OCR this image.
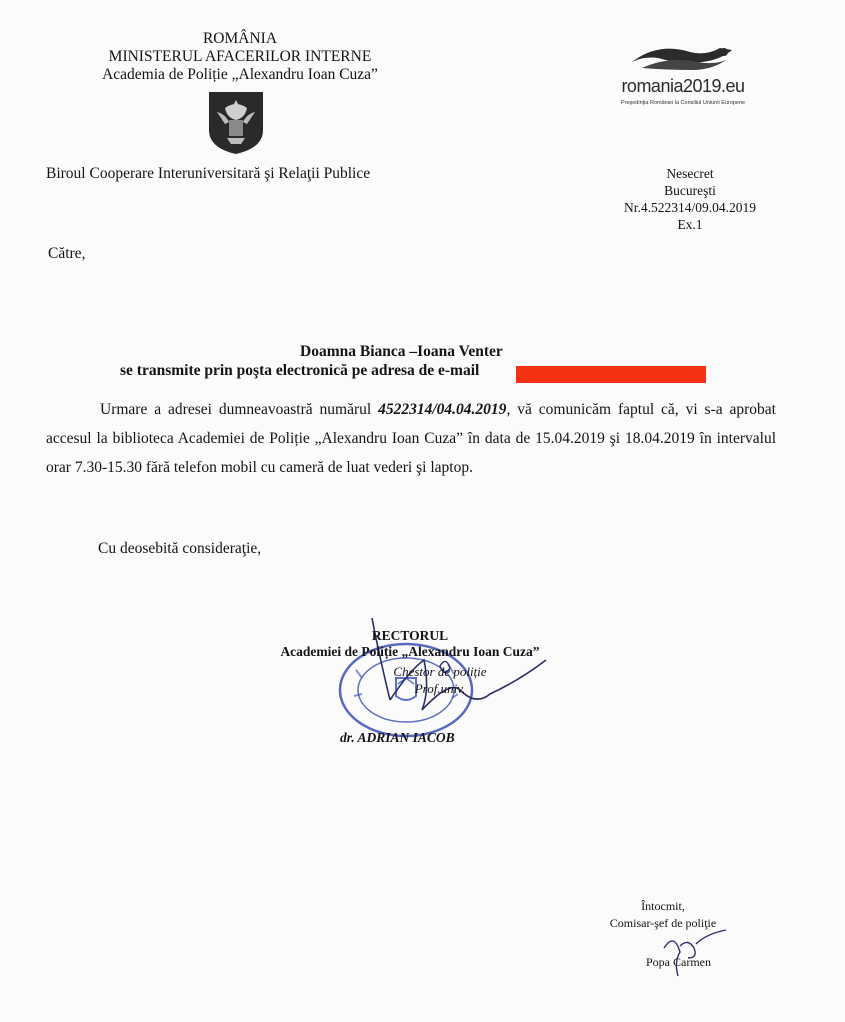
ROMÂNIA
MINISTERUL AFACERILOR INTERNE
Academia de Poliție „Alexandru Ioan Cuza”
Biroul Cooperare Interuniversitară şi Relaţii Publice
romania2019.eu
Preşedinţia României la Consiliul Uniunii Europene
Nesecret
Bucureşti
Nr.4.522314/09.04.2019
Ex.1
Către,
Doamna Bianca –Ioana Venter
se transmite prin poşta electronică pe adresa de e-mail
Urmare a adresei dumneavoastră numărul 4522314/04.04.2019, vă comunicăm faptul că, vi s-a aprobat accesul la biblioteca Academiei de Poliție „Alexandru Ioan Cuza” în data de 15.04.2019 şi 18.04.2019 în intervalul orar 7.30-15.30 fără telefon mobil cu cameră de luat vederi şi laptop.
Cu deosebită consideraţie,
RECTORUL
Academiei de Poliție „Alexandru Ioan Cuza”
Chestor de poliție
Prof.univ.
dr. ADRIAN IACOB
Întocmit,
Comisar-şef de poliţie
Popa Carmen
